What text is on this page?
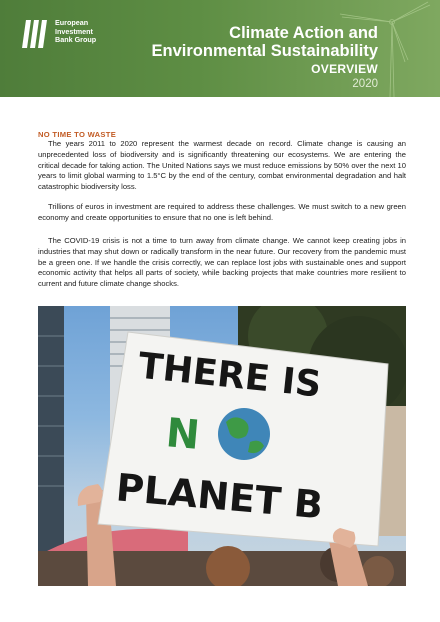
European
Investment
Bank Group	Climate Action and
Environmental Sustainability
OVERVIEW
2020
NO TIME TO WASTE

The years 2011 to 2020 represent the warmest decade on record. Climate change is causing an unprecedented loss of biodiversity and is significantly threatening our ecosystems. We are entering the critical decade for taking action. The United Nations says we must reduce emissions by 50% over the next 10 years to limit global warming to 1.5°C by the end of the century, combat environmental degradation and halt catastrophic biodiversity loss.

Trillions of euros in investment are required to address these challenges. We must switch to a new green economy and create opportunities to ensure that no one is left behind.

The COVID-19 crisis is not a time to turn away from climate change. We cannot keep creating jobs in industries that may shut down or radically transform in the near future. Our recovery from the pandemic must be a green one. If we handle the crisis correctly, we can replace lost jobs with sustainable ones and support economic activity that helps all parts of society, while backing projects that make countries more resilient to current and future climate change shocks.

THERE IS
N
PLANET B
